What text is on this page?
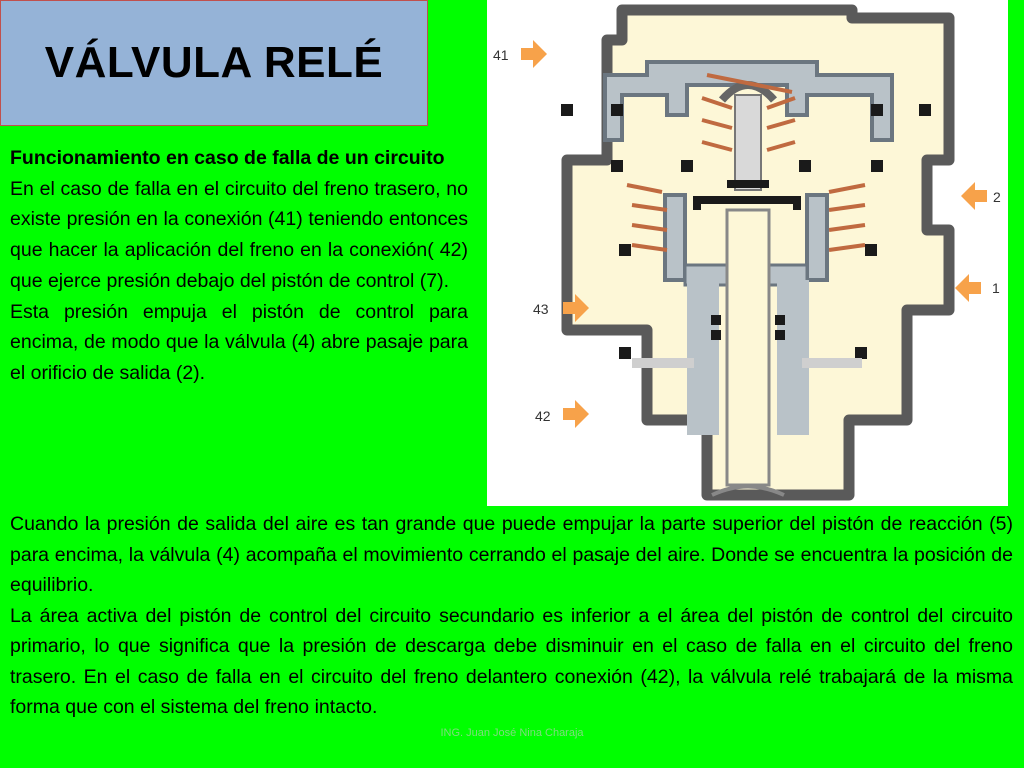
VÁLVULA RELÉ

Funcionamiento en caso de falla de un circuito

En el caso de falla en el circuito del freno trasero, no existe presión en la conexión (41) teniendo entonces que hacer la aplicación del freno en la conexión( 42) que ejerce presión debajo del pistón de control (7).

Esta presión empuja el pistón de control para encima, de modo que la válvula (4) abre pasaje para el orificio de salida (2).

41
2
1
43
42

Cuando la presión de salida del aire es tan grande que puede empujar la parte superior del pistón de reacción (5) para encima, la válvula (4) acompaña el movimiento cerrando el pasaje del aire. Donde se encuentra la posición de equilibrio.

La área activa del pistón de control del circuito secundario es inferior a el área del pistón de control del circuito primario, lo que significa que la presión de descarga debe disminuir en el caso de falla en el circuito del freno trasero. En el caso de falla en el circuito del freno delantero conexión (42), la válvula relé trabajará de la misma forma que con el sistema del freno intacto.

ING. Juan José Nina Charaja
